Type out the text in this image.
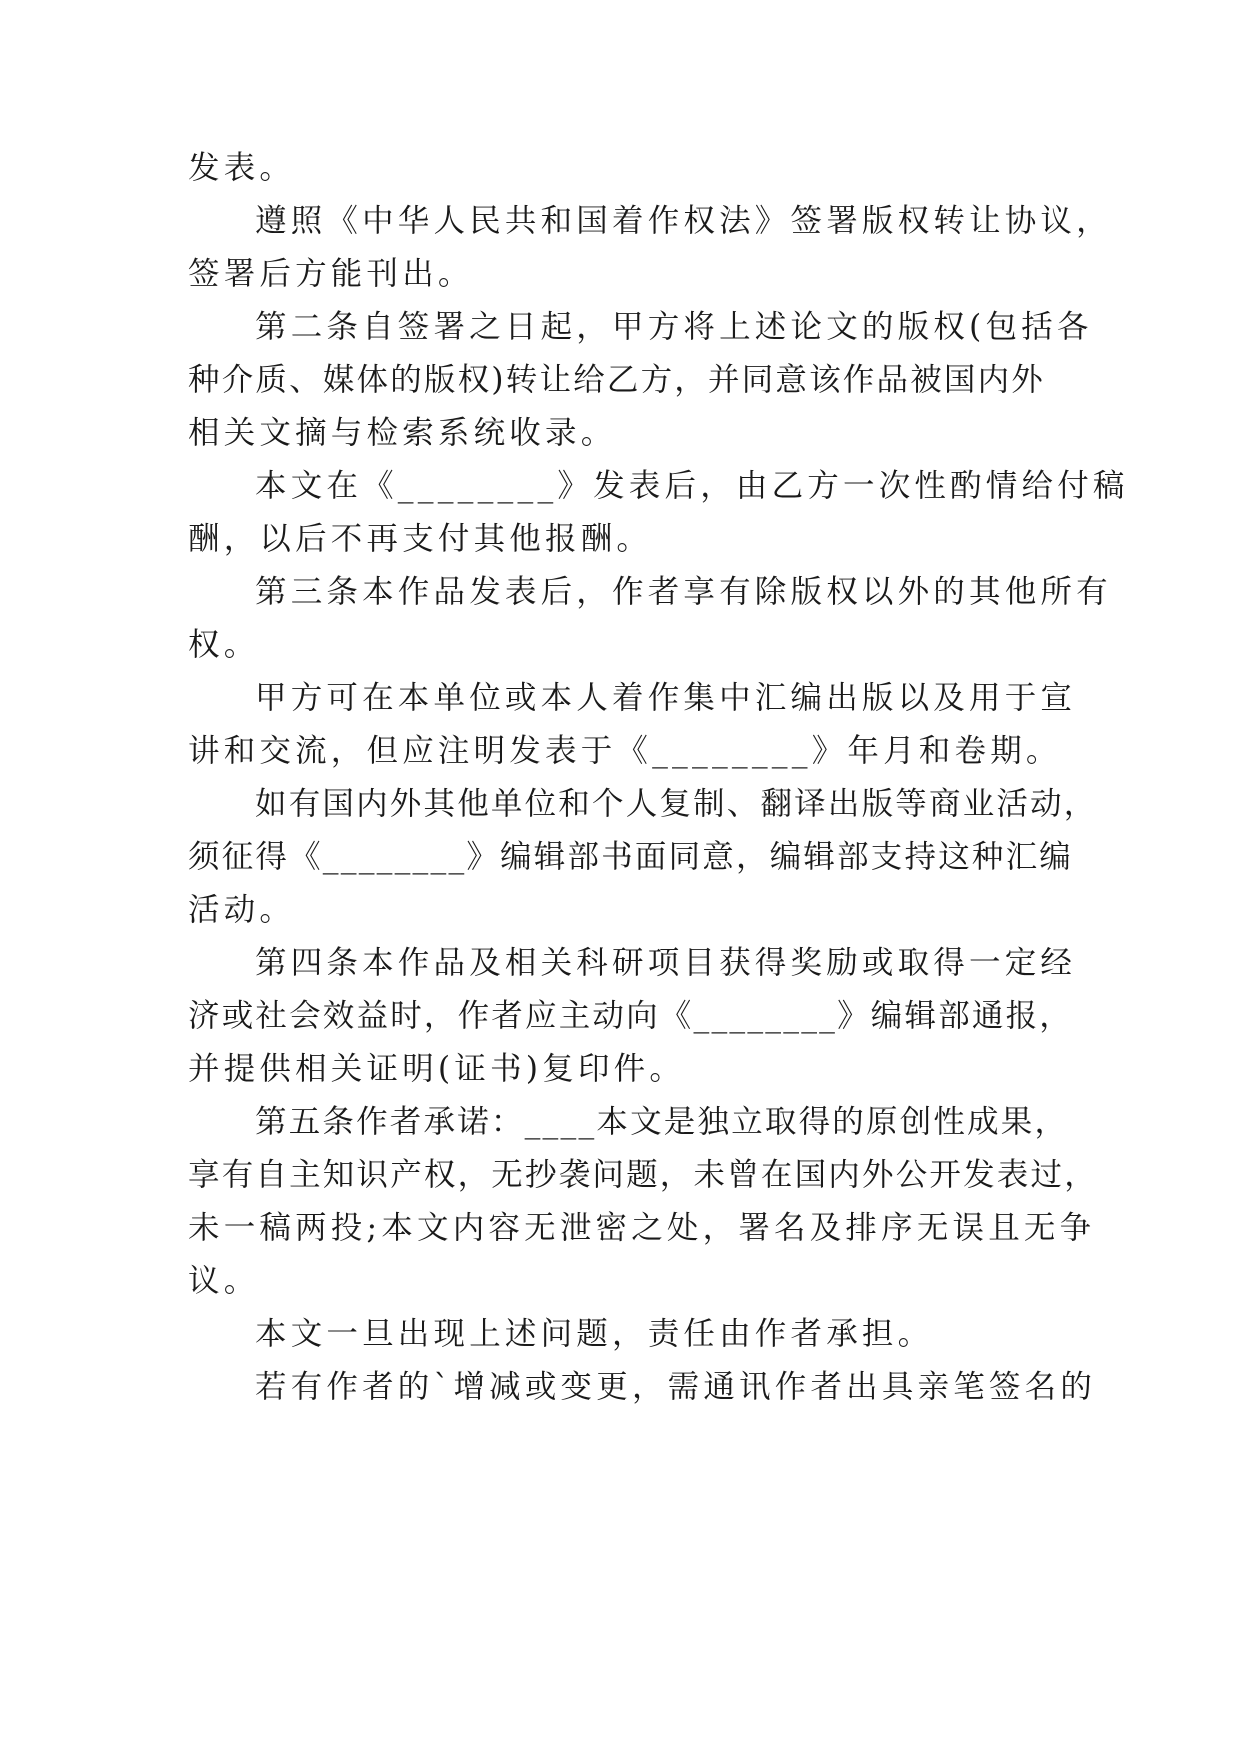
发表。
遵照《中华人民共和国着作权法》签署版权转让协议，
签署后方能刊出。
第二条自签署之日起，甲方将上述论文的版权(包括各
种介质、媒体的版权)转让给乙方，并同意该作品被国内外
相关文摘与检索系统收录。
本文在《________》发表后，由乙方一次性酌情给付稿
酬，以后不再支付其他报酬。
第三条本作品发表后，作者享有除版权以外的其他所有
权。
甲方可在本单位或本人着作集中汇编出版以及用于宣
讲和交流，但应注明发表于《________》年月和卷期。
如有国内外其他单位和个人复制、翻译出版等商业活动，
须征得《________》编辑部书面同意，编辑部支持这种汇编
活动。
第四条本作品及相关科研项目获得奖励或取得一定经
济或社会效益时，作者应主动向《________》编辑部通报，
并提供相关证明(证书)复印件。
第五条作者承诺：____本文是独立取得的原创性成果，
享有自主知识产权，无抄袭问题，未曾在国内外公开发表过，
未一稿两投;本文内容无泄密之处，署名及排序无误且无争
议。
本文一旦出现上述问题，责任由作者承担。
若有作者的`增减或变更，需通讯作者出具亲笔签名的
